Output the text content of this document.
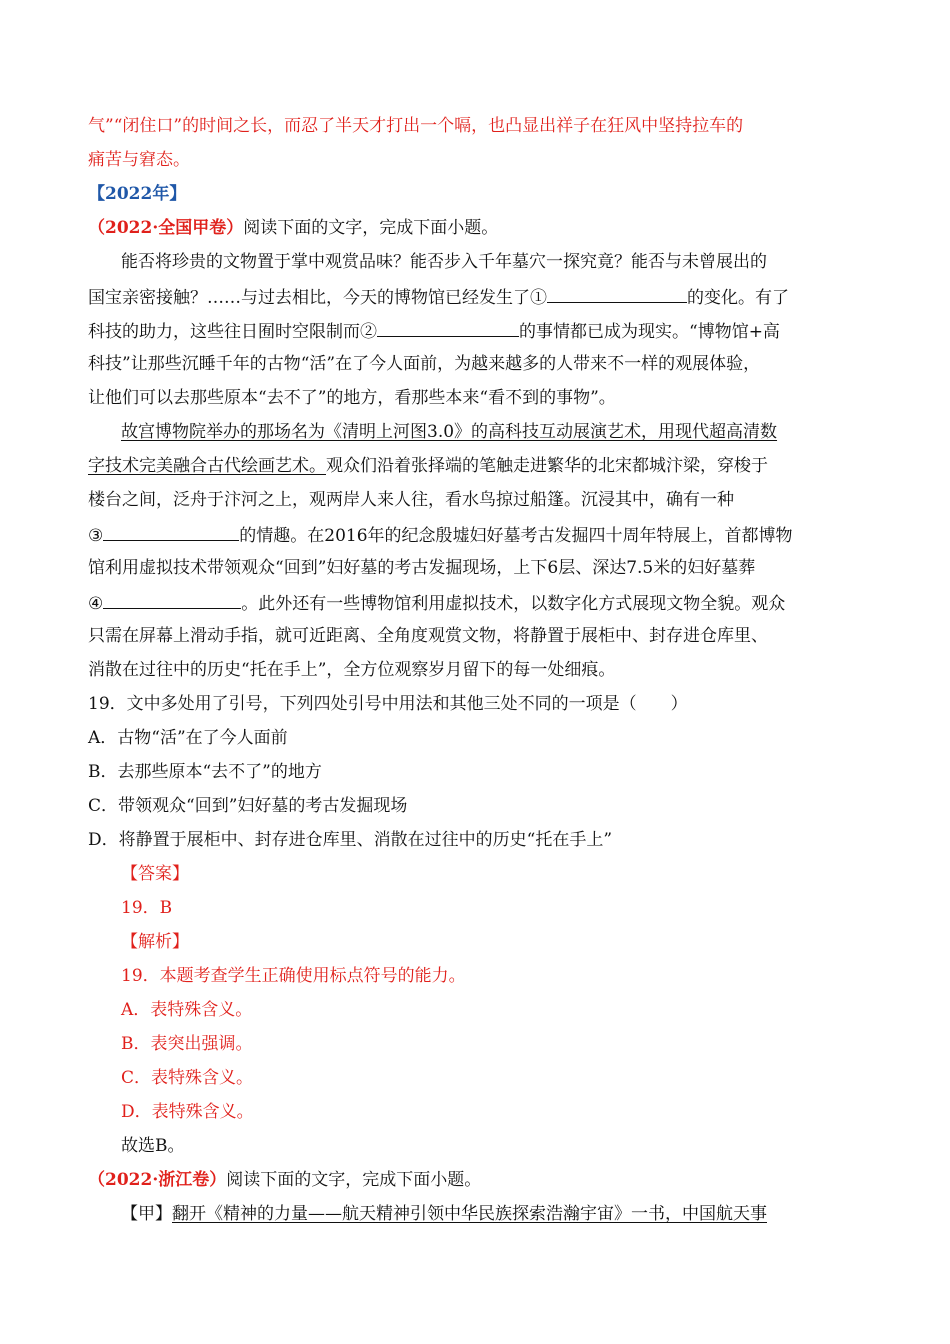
气”“闭住口”的时间之长，而忍了半天才打出一个嗝，也凸显出祥子在狂风中坚持拉车的
痛苦与窘态。
【2022年】
（2022·全国甲卷）阅读下面的文字，完成下面小题。
能否将珍贵的文物置于掌中观赏品味？能否步入千年墓穴一探究竟？能否与未曾展出的
国宝亲密接触？……与过去相比，今天的博物馆已经发生了①	的变化。有了
科技的助力，这些往日囿时空限制而②	的事情都已成为现实。“博物馆+高
科技”让那些沉睡千年的古物“活”在了今人面前，为越来越多的人带来不一样的观展体验，
让他们可以去那些原本“去不了”的地方，看那些本来“看不到的事物”。
故宫博物院举办的那场名为《清明上河图3.0》的高科技互动展演艺术，用现代超高清数
字技术完美融合古代绘画艺术。观众们沿着张择端的笔触走进繁华的北宋都城汴梁，穿梭于
楼台之间，泛舟于汴河之上，观两岸人来人往，看水鸟掠过船篷。沉浸其中，确有一种
③	的情趣。在2016年的纪念殷墟妇好墓考古发掘四十周年特展上，首都博物
馆利用虚拟技术带领观众“回到”妇好墓的考古发掘现场，上下6层、深达7.5米的妇好墓葬
④	。此外还有一些博物馆利用虚拟技术，以数字化方式展现文物全貌。观众
只需在屏幕上滑动手指，就可近距离、全角度观赏文物，将静置于展柜中、封存进仓库里、
消散在过往中的历史“托在手上”，全方位观察岁月留下的每一处细痕。
19．文中多处用了引号，下列四处引号中用法和其他三处不同的一项是（　　）
A．古物“活”在了今人面前
B．去那些原本“去不了”的地方
C．带领观众“回到”妇好墓的考古发掘现场
D．将静置于展柜中、封存进仓库里、消散在过往中的历史“托在手上”
【答案】
19．B
【解析】
19．本题考查学生正确使用标点符号的能力。
A．表特殊含义。
B．表突出强调。
C．表特殊含义。
D．表特殊含义。
故选B。
（2022·浙江卷）阅读下面的文字，完成下面小题。
【甲】翻开《精神的力量——航天精神引领中华民族探索浩瀚宇宙》一书，中国航天事
